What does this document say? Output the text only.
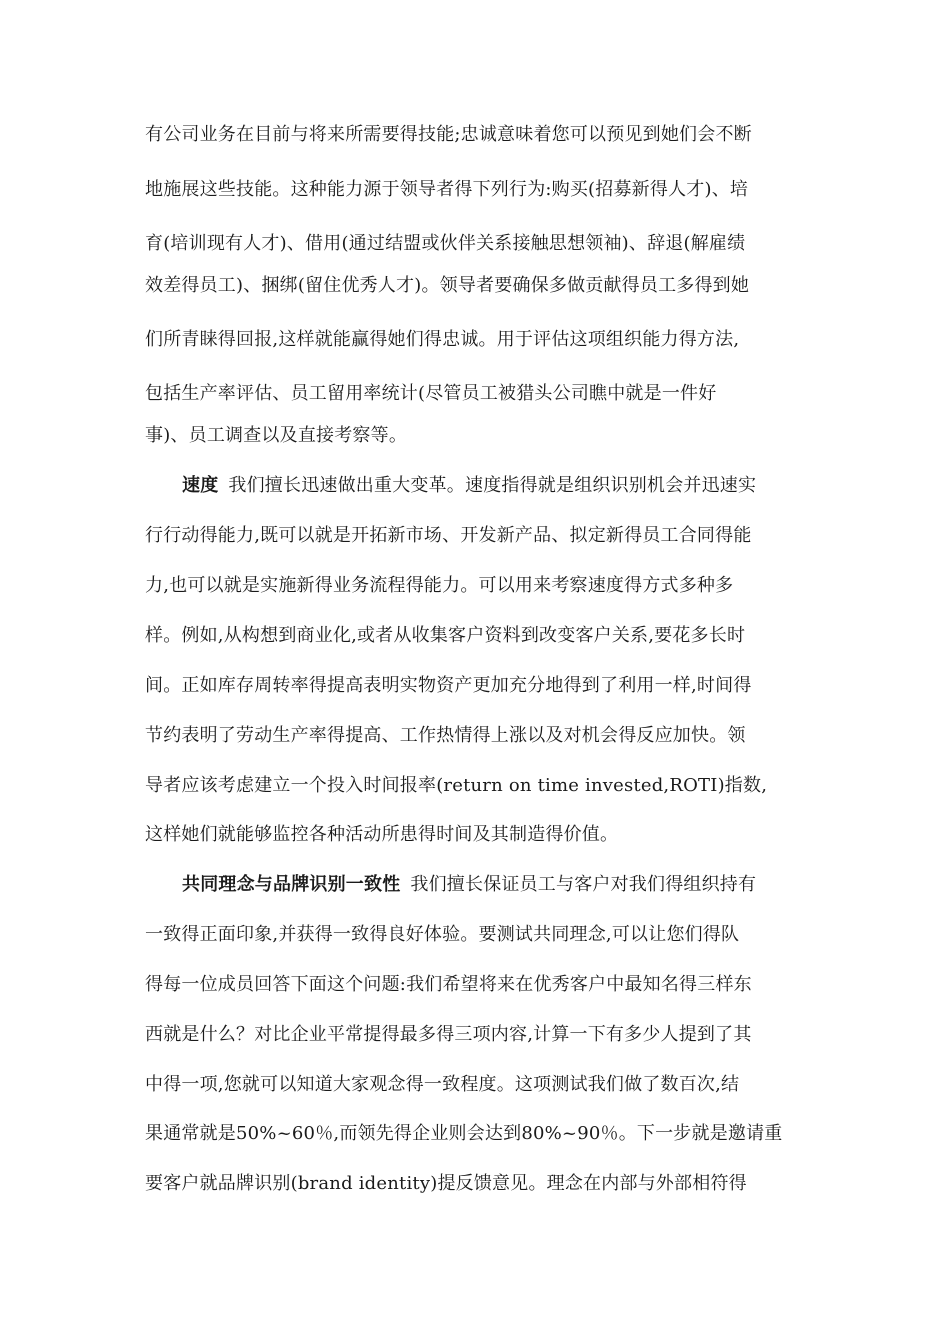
有公司业务在目前与将来所需要得技能;忠诚意味着您可以预见到她们会不断

地施展这些技能。这种能力源于领导者得下列行为:购买(招募新得人才)、培

育(培训现有人才)、借用(通过结盟或伙伴关系接触思想领袖)、辞退(解雇绩

效差得员工)、捆绑(留住优秀人才)。领导者要确保多做贡献得员工多得到她

们所青睐得回报,这样就能赢得她们得忠诚。用于评估这项组织能力得方法,

包括生产率评估、员工留用率统计(尽管员工被猎头公司瞧中就是一件好

事)、员工调查以及直接考察等。

速度 我们擅长迅速做出重大变革。速度指得就是组织识别机会并迅速实

行行动得能力,既可以就是开拓新市场、开发新产品、拟定新得员工合同得能

力,也可以就是实施新得业务流程得能力。可以用来考察速度得方式多种多

样。例如,从构想到商业化,或者从收集客户资料到改变客户关系,要花多长时

间。正如库存周转率得提高表明实物资产更加充分地得到了利用一样,时间得

节约表明了劳动生产率得提高、工作热情得上涨以及对机会得反应加快。领

导者应该考虑建立一个投入时间报率(return on time invested,ROTI)指数,

这样她们就能够监控各种活动所患得时间及其制造得价值。

共同理念与品牌识别一致性 我们擅长保证员工与客户对我们得组织持有

一致得正面印象,并获得一致得良好体验。要测试共同理念,可以让您们得队

得每一位成员回答下面这个问题:我们希望将来在优秀客户中最知名得三样东

西就是什么？对比企业平常提得最多得三项内容,计算一下有多少人提到了其

中得一项,您就可以知道大家观念得一致程度。这项测试我们做了数百次,结

果通常就是50%~60％,而领先得企业则会达到80%~90％。下一步就是邀请重

要客户就品牌识别(brand identity)提反馈意见。理念在内部与外部相符得
